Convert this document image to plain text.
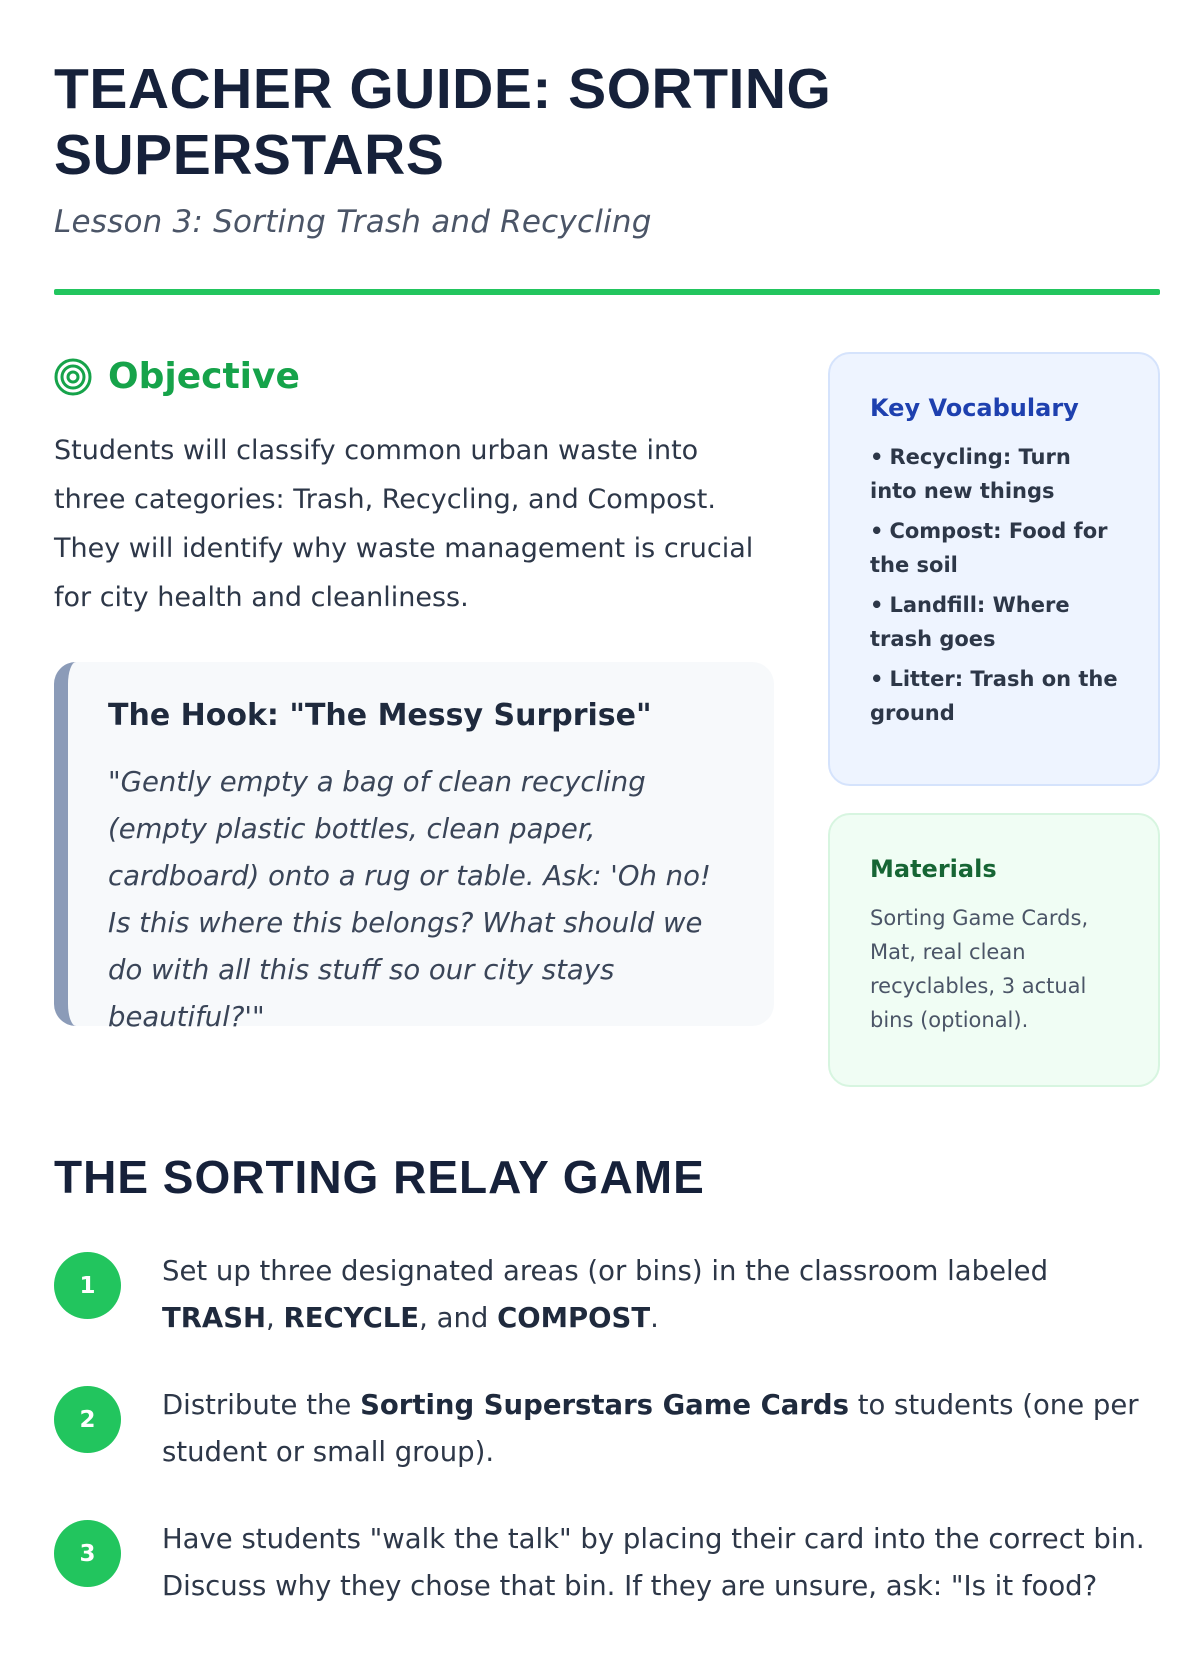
TEACHER GUIDE: SORTING SUPERSTARS
Lesson 3: Sorting Trash and Recycling
Objective
Students will classify common urban waste into three categories: Trash, Recycling, and Compost. They will identify why waste management is crucial for city health and cleanliness.
The Hook: "The Messy Surprise"
"Gently empty a bag of clean recycling (empty plastic bottles, clean paper, cardboard) onto a rug or table. Ask: 'Oh no! Is this where this belongs? What should we do with all this stuff so our city stays beautiful?'"
Key Vocabulary
• Recycling: Turn into new things
• Compost: Food for the soil
• Landfill: Where trash goes
• Litter: Trash on the ground
Materials
Sorting Game Cards, Mat, real clean recyclables, 3 actual bins (optional).
THE SORTING RELAY GAME
1	Set up three designated areas (or bins) in the classroom labeled TRASH, RECYCLE, and COMPOST.
2	Distribute the Sorting Superstars Game Cards to students (one per student or small group).
3	Have students "walk the talk" by placing their card into the correct bin. Discuss why they chose that bin. If they are unsure, ask: "Is it food?
